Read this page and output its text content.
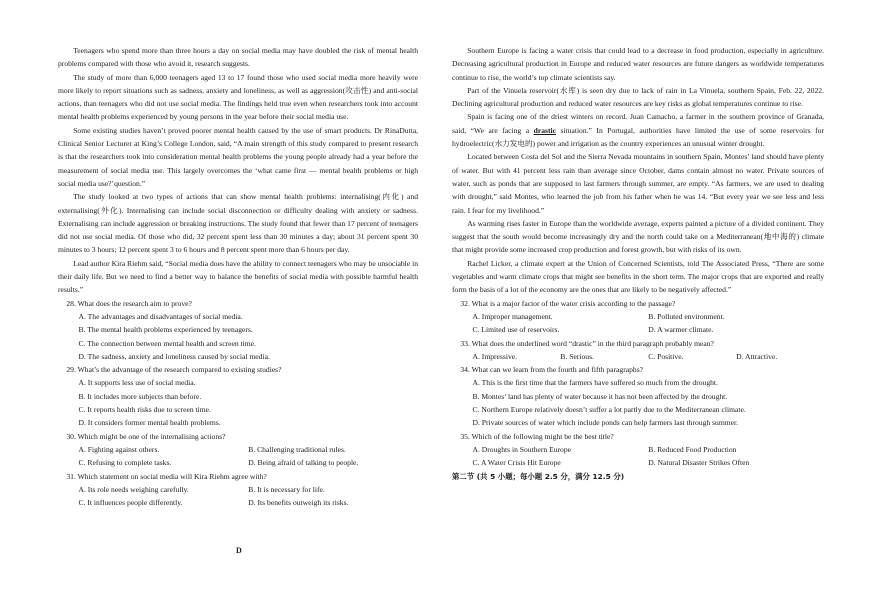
Teenagers who spend more than three hours a day on social media may have doubled the risk of mental health problems compared with those who avoid it, research suggests.

The study of more than 6,000 teenagers aged 13 to 17 found those who used social media more heavily were more likely to report situations such as sadness, anxiety and loneliness, as well as aggression(攻击性) and anti-social actions, than teenagers who did not use social media. The findings held true even when researchers took into account mental health problems experienced by young persons in the year before their social media use.

Some existing studies haven’t proved poorer mental health caused by the use of smart products. Dr RinaDutta, Clinical Senior Lecturer at King’s College London, said, “A main strength of this study compared to present research is that the researchers took into consideration mental health problems the young people already had a year before the measurement of social media use. This largely overcomes the ‘what came first — mental health problems or high social media use?’question.”

The study looked at two types of actions that can show mental health problems: internalising(内化) and externalising(外化). Internalising can include social disconnection or difficulty dealing with anxiety or sadness. Externalising can include aggression or breaking instructions. The study found that fewer than 17 percent of teenagers did not use social media. Of those who did, 32 percent spent less than 30 minutes a day; about 31 percent spent 30 minutes to 3 hours; 12 percent spent 3 to 6 hours and 8 percent spent more than 6 hours per day.

Lead author Kira Riehm said, “Social media does have the ability to connect teenagers who may be unsociable in their daily life. But we need to find a better way to balance the benefits of social media with possible harmful health results.”

28. What does the research aim to prove?
A. The advantages and disadvantages of social media.
B. The mental health problems experienced by teenagers.
C. The connection between mental health and screen time.
D. The sadness, anxiety and loneliness caused by social media.
29. What’s the advantage of the research compared to existing studies?
A. It supports less use of social media.
B. It includes more subjects than before.
C. It reports health risks due to screen time.
D. It considers former mental health problems.
30. Which might be one of the internalising actions?
A. Fighting against others.	B. Challenging traditional rules.
C. Refusing to complete tasks.	D. Being afraid of talking to people.
31. Which statement on social media will Kira Riehm agree with?
A. Its role needs weighing carefully.	B. It is necessary for life.
C. It influences people differently.	D. Its benefits outweigh its risks.
D

Southern Europe is facing a water crisis that could lead to a decrease in food production, especially in agriculture. Decreasing agricultural production in Europe and reduced water resources are future dangers as worldwide temperatures continue to rise, the world’s top climate scientists say.

Part of the Vinuela reservoir(水库) is seen dry due to lack of rain in La Vinuela, southern Spain, Feb. 22, 2022. Declining agricultural production and reduced water resources are key risks as global temperatures continue to rise.

Spain is facing one of the driest winters on record. Juan Camacho, a farmer in the southern province of Granada, said, “We are facing a drastic situation.” In Portugal, authorities have limited the use of some reservoirs for hydroelectric(水力发电的) power and irrigation as the country experiences an unusual winter drought.

Located between Costa del Sol and the Sierra Nevada mountains in southern Spain, Montes’ land should have plenty of water. But with 41 percent less rain than average since October, dams contain almost no water. Private sources of water, such as ponds that are supposed to last farmers through summer, are empty. “As farmers, we are used to dealing with drought,” said Montes, who learned the job from his father when he was 14. “But every year we see less and less rain. I fear for my livelihood.”

As warming rises faster in Europe than the worldwide average, experts painted a picture of a divided continent. They suggest that the south would become increasingly dry and the north could take on a Mediterranean(地中海的) climate that might provide some increased crop production and forest growth, but with risks of its own.

Rachel Licker, a climate expert at the Union of Concerned Scientists, told The Associated Press, “There are some vegetables and warm climate crops that might see benefits in the short term. The major crops that are exported and really form the basis of a lot of the economy are the ones that are likely to be negatively affected.”

32. What is a major factor of the water crisis according to the passage?
A. Improper management.	B. Polluted environment.
C. Limited use of reservoirs.	D. A warmer climate.
33. What does the underlined word “drastic” in the third paragraph probably mean?
A. Impressive.	B. Serious.	C. Positive.	D. Attractive.
34. What can we learn from the fourth and fifth paragraphs?
A. This is the first time that the farmers have suffered so much from the drought.
B. Montes’ land has plenty of water because it has not been affected by the drought.
C. Northern Europe relatively doesn’t suffer a lot partly due to the Mediterranean climate.
D. Private sources of water which include ponds can help farmers last through summer.
35. Which of the following might be the best title?
A. Droughts in Southern Europe	B. Reduced Food Production
C. A Water Crisis Hit Europe	D. Natural Disaster Strikes Often
第二节 (共 5 小题；每小题 2.5 分，满分 12.5 分)
